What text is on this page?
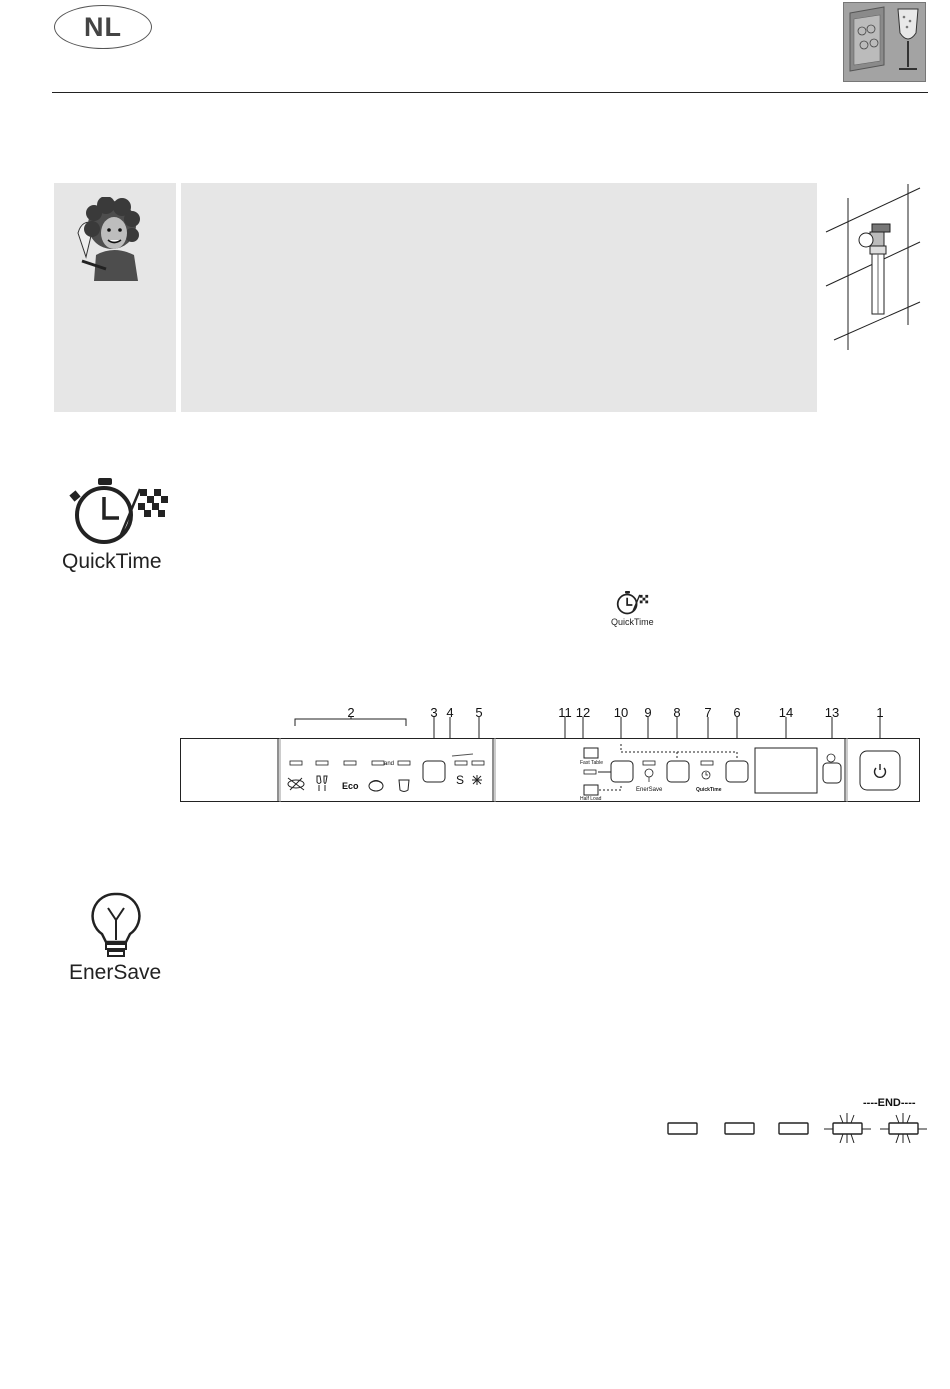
NL
QuickTime
QuickTime
2	3 4 5	11 12 10 9 8 7 6	14 13	1
Eco
and
S
Fast Table
Half Load
EnerSave	QuickTime
EnerSave
----END----
